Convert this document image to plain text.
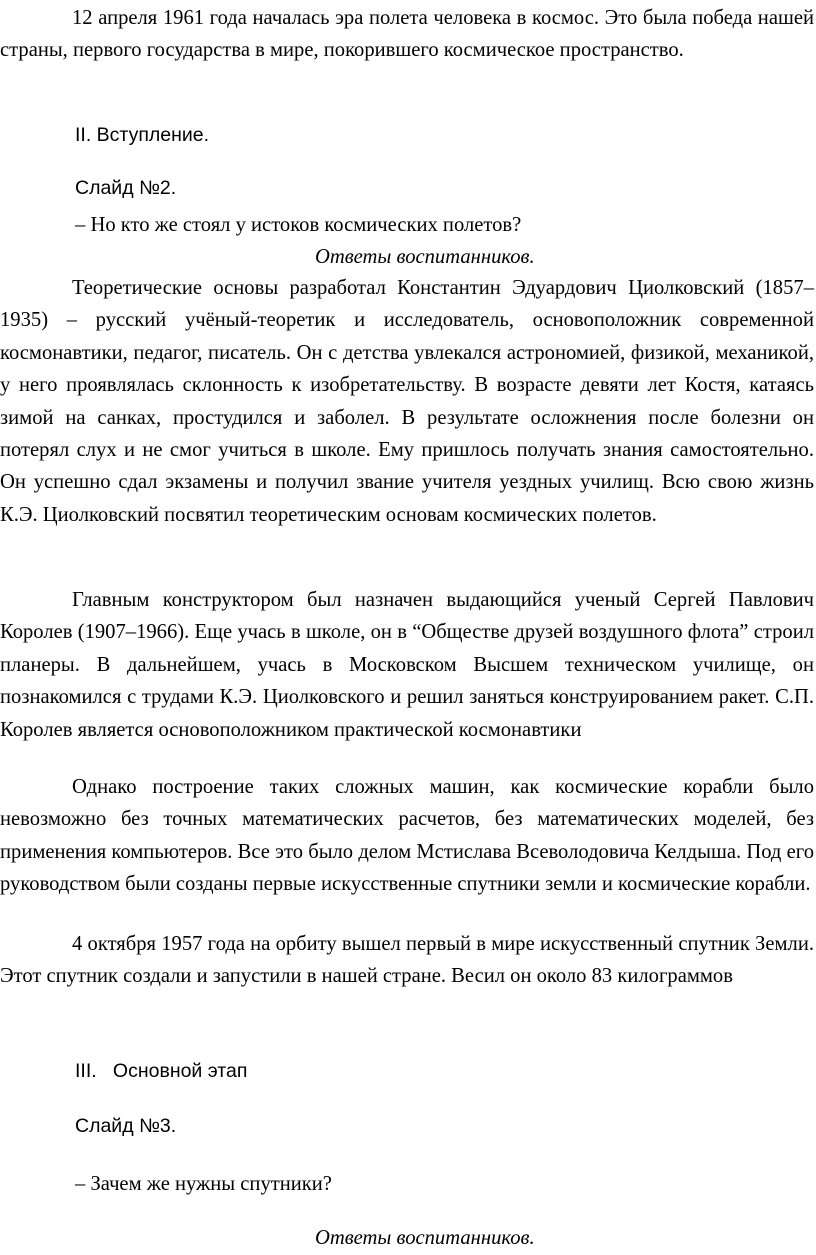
12 апреля 1961 года началась эра полета человека в космос. Это была победа нашей страны, первого государства в мире, покорившего космическое пространство.

II. Вступление.

Слайд №2.

– Но кто же стоял у истоков космических полетов?

Ответы воспитанников.

Теоретические основы разработал Константин Эдуардович Циолковский (1857–1935) – русский учёный-теоретик и исследователь, основоположник современной космонавтики, педагог, писатель. Он с детства увлекался астрономией, физикой, механикой, у него проявлялась склонность к изобретательству. В возрасте девяти лет Костя, катаясь зимой на санках, простудился и заболел. В результате осложнения после болезни он потерял слух и не смог учиться в школе. Ему пришлось получать знания самостоятельно. Он успешно сдал экзамены и получил звание учителя уездных училищ. Всю свою жизнь К.Э. Циолковский посвятил теоретическим основам космических полетов.

Главным конструктором был назначен выдающийся ученый Сергей Павлович Королев (1907–1966). Еще учась в школе, он в “Обществе друзей воздушного флота” строил планеры. В дальнейшем, учась в Московском Высшем техническом училище, он познакомился с трудами К.Э. Циолковского и решил заняться конструированием ракет. С.П. Королев является основоположником практической космонавтики

Однако построение таких сложных машин, как космические корабли было невозможно без точных математических расчетов, без математических моделей, без применения компьютеров. Все это было делом Мстислава Всеволодовича Келдыша. Под его руководством были созданы первые искусственные спутники земли и космические корабли.

4 октября 1957 года на орбиту вышел первый в мире искусственный спутник Земли. Этот спутник создали и запустили в нашей стране. Весил он около 83 килограммов

III.   Основной этап

Слайд №3.

– Зачем же нужны спутники?

Ответы воспитанников.
